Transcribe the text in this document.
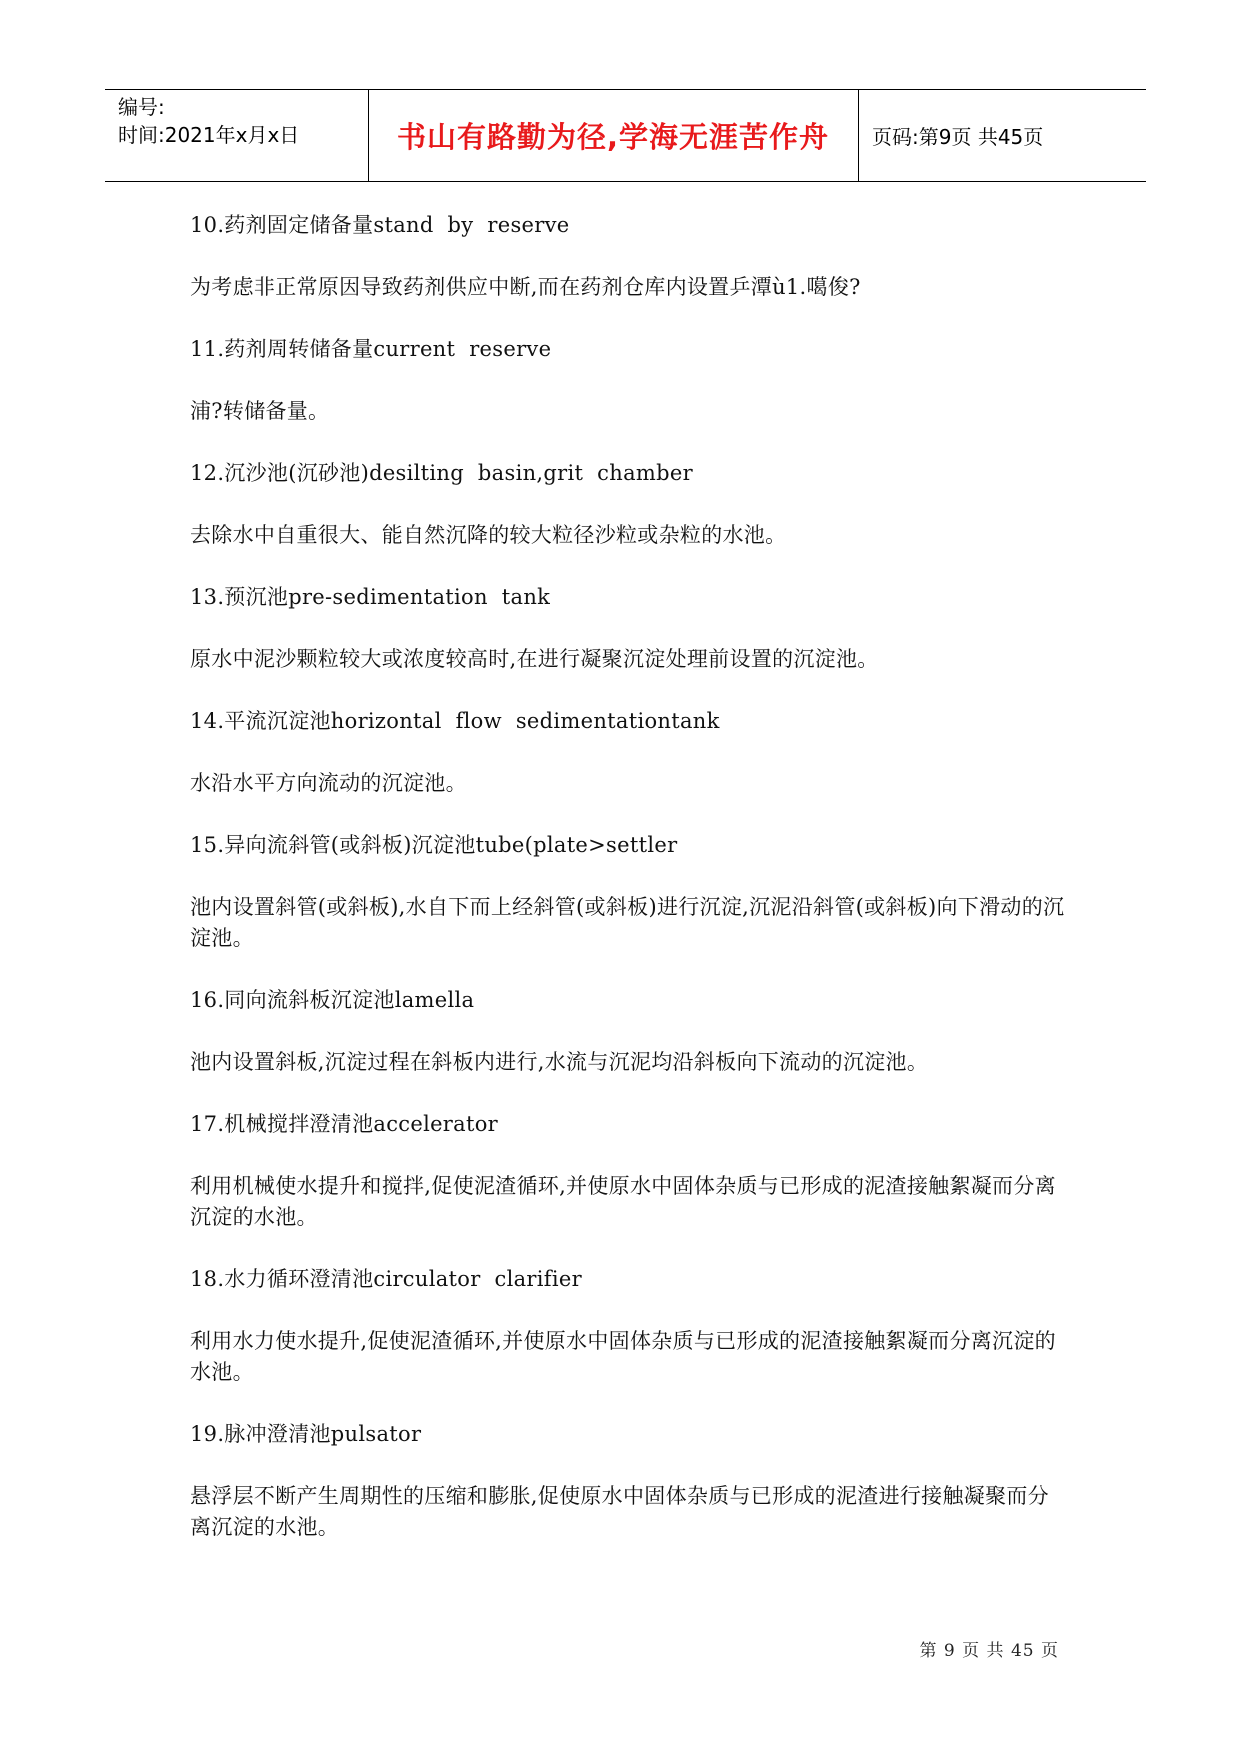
编号:
时间:2021年x月x日	书山有路勤为径,学海无涯苦作舟	页码:第9页 共45页
10.药剂固定储备量stand  by  reserve
为考虑非正常原因导致药剂供应中断,而在药剂仓库内设置乒潭ù1.噶俊?
11.药剂周转储备量current  reserve
浦?转储备量。
12.沉沙池(沉砂池)desilting  basin,grit  chamber
去除水中自重很大、能自然沉降的较大粒径沙粒或杂粒的水池。
13.预沉池pre-sedimentation  tank
原水中泥沙颗粒较大或浓度较高时,在进行凝聚沉淀处理前设置的沉淀池。
14.平流沉淀池horizontal  flow  sedimentationtank
水沿水平方向流动的沉淀池。
15.异向流斜管(或斜板)沉淀池tube(plate>settler
池内设置斜管(或斜板),水自下而上经斜管(或斜板)进行沉淀,沉泥沿斜管(或斜板)向下滑动的沉淀池。
16.同向流斜板沉淀池lamella
池内设置斜板,沉淀过程在斜板内进行,水流与沉泥均沿斜板向下流动的沉淀池。
17.机械搅拌澄清池accelerator
利用机械使水提升和搅拌,促使泥渣循环,并使原水中固体杂质与已形成的泥渣接触絮凝而分离沉淀的水池。
18.水力循环澄清池circulator  clarifier
利用水力使水提升,促使泥渣循环,并使原水中固体杂质与已形成的泥渣接触絮凝而分离沉淀的水池。
19.脉冲澄清池pulsator
悬浮层不断产生周期性的压缩和膨胀,促使原水中固体杂质与已形成的泥渣进行接触凝聚而分离沉淀的水池。
第 9 页 共 45 页
